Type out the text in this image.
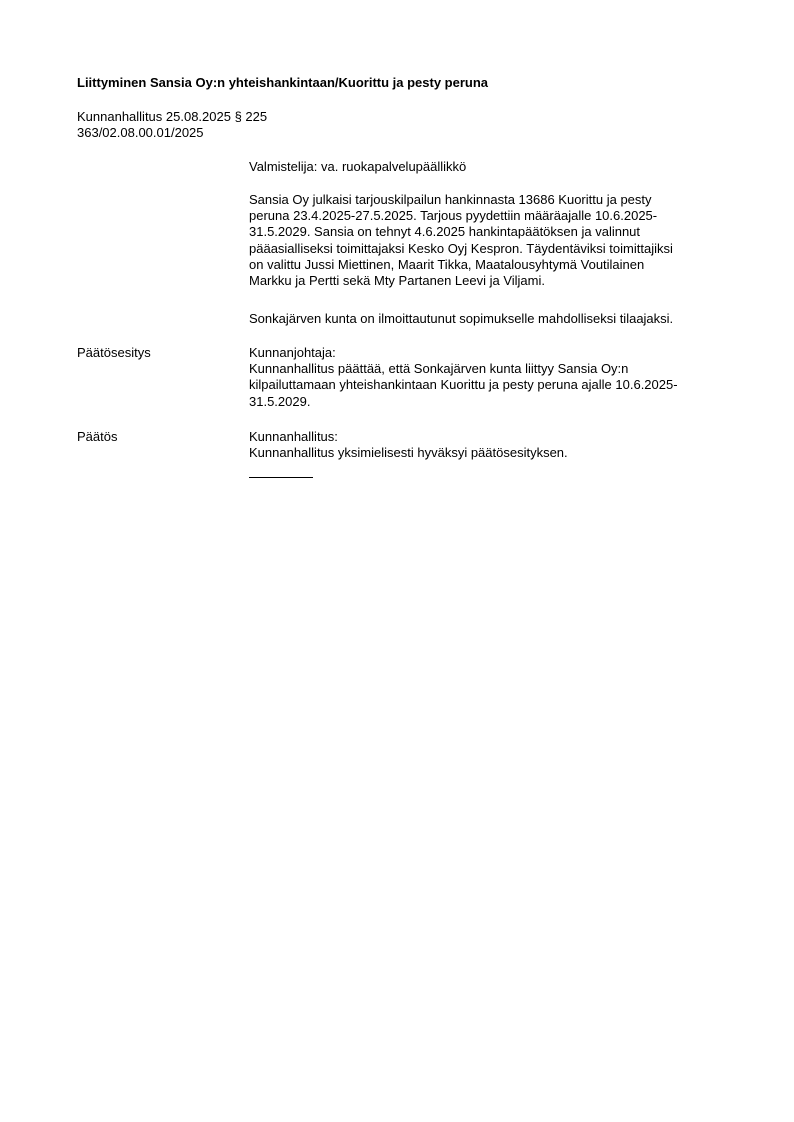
Liittyminen Sansia Oy:n yhteishankintaan/Kuorittu ja pesty peruna
Kunnanhallitus 25.08.2025 § 225
363/02.08.00.01/2025
Valmistelija: va. ruokapalvelupäällikkö
Sansia Oy julkaisi tarjouskilpailun hankinnasta 13686 Kuorittu ja pesty
peruna 23.4.2025-27.5.2025. Tarjous pyydettiin määräajalle 10.6.2025-
31.5.2029. Sansia on tehnyt 4.6.2025 hankintapäätöksen ja valinnut
pääasialliseksi toimittajaksi Kesko Oyj Kespron. Täydentäviksi toimittajiksi
on valittu Jussi Miettinen, Maarit Tikka, Maatalousyhtymä Voutilainen
Markku ja Pertti sekä Mty Partanen Leevi ja Viljami.
Sonkajärven kunta on ilmoittautunut sopimukselle mahdolliseksi tilaajaksi.
Päätösesitys	Kunnanjohtaja:
Kunnanhallitus päättää, että Sonkajärven kunta liittyy Sansia Oy:n
kilpailuttamaan yhteishankintaan Kuorittu ja pesty peruna ajalle 10.6.2025-
31.5.2029.
Päätös	Kunnanhallitus:
Kunnanhallitus yksimielisesti hyväksyi päätösesityksen.
